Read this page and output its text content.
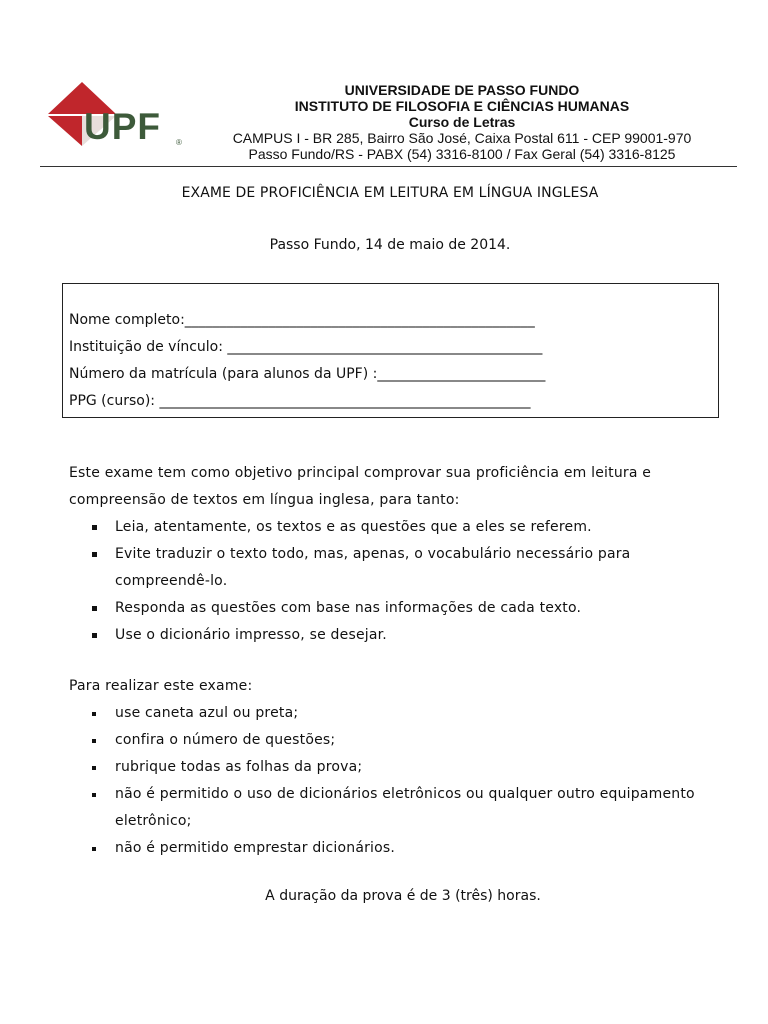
UPF ®
UNIVERSIDADE DE PASSO FUNDO
INSTITUTO DE FILOSOFIA E CIÊNCIAS HUMANAS
Curso de Letras
CAMPUS I - BR 285, Bairro São José, Caixa Postal 611 - CEP 99001-970
Passo Fundo/RS - PABX (54) 3316-8100 / Fax Geral (54) 3316-8125
EXAME DE PROFICIÊNCIA EM LEITURA EM LÍNGUA INGLESA
Passo Fundo, 14 de maio de 2014.
Nome completo:__________________________________________________
Instituição de vínculo: _____________________________________________
Número da matrícula (para alunos da UPF) :________________________
PPG (curso): _____________________________________________________

Este exame tem como objetivo principal comprovar sua proficiência em leitura e compreensão de textos em língua inglesa, para tanto:

Leia, atentamente, os textos e as questões que a eles se referem.
Evite traduzir o texto todo, mas, apenas, o vocabulário necessário para compreendê-lo.
Responda as questões com base nas informações de cada texto.
Use o dicionário impresso, se desejar.

Para realizar este exame:

use caneta azul ou preta;
confira o número de questões;
rubrique todas as folhas da prova;
não é permitido o uso de dicionários eletrônicos ou qualquer outro equipamento eletrônico;
não é permitido emprestar dicionários.
A duração da prova é de 3 (três) horas.
